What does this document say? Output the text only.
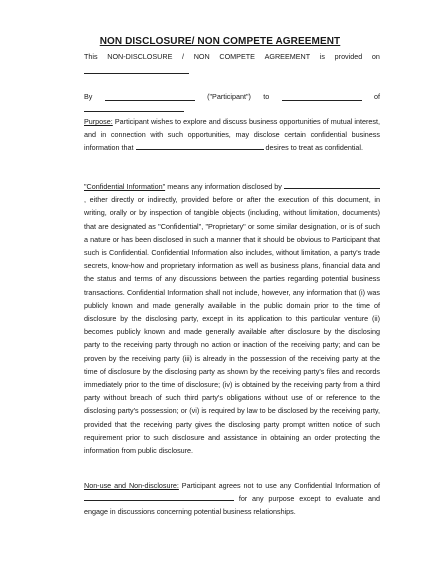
NON DISCLOSURE/ NON COMPETE AGREEMENT
This NON-DISCLOSURE / NON COMPETE AGREEMENT is provided on
By	("Participant") to	of
Purpose: Participant wishes to explore and discuss business opportunities of mutual interest, and in connection with such opportunities, may disclose certain confidential business information that	desires to treat as confidential.
"Confidential Information" means any information disclosed by , either directly or indirectly, provided before or after the execution of this document, in writing, orally or by inspection of tangible objects (including, without limitation, documents) that are designated as "Confidential", "Proprietary" or some similar designation, or is of such a nature or has been disclosed in such a manner that it should be obvious to Participant that such is Confidential. Confidential Information also includes, without limitation, a party's trade secrets, know-how and proprietary information as well as business plans, financial data and the status and terms of any discussions between the parties regarding potential business transactions. Confidential Information shall not include, however, any information that (i) was publicly known and made generally available in the public domain prior to the time of disclosure by the disclosing party, except in its application to this particular venture (ii) becomes publicly known and made generally available after disclosure by the disclosing party to the receiving party through no action or inaction of the receiving party; and can be proven by the receiving party (iii) is already in the possession of the receiving party at the time of disclosure by the disclosing party as shown by the receiving party's files and records immediately prior to the time of disclosure; (iv) is obtained by the receiving party from a third party without breach of such third party's obligations without use of or reference to the disclosing party's possession; or (vi) is required by law to be disclosed by the receiving party, provided that the receiving party gives the disclosing party prompt written notice of such requirement prior to such disclosure and assistance in obtaining an order protecting the information from public disclosure.
Non-use and Non-disclosure: Participant agrees not to use any Confidential Information of  for any purpose except to evaluate and engage in discussions concerning potential business relationships.
